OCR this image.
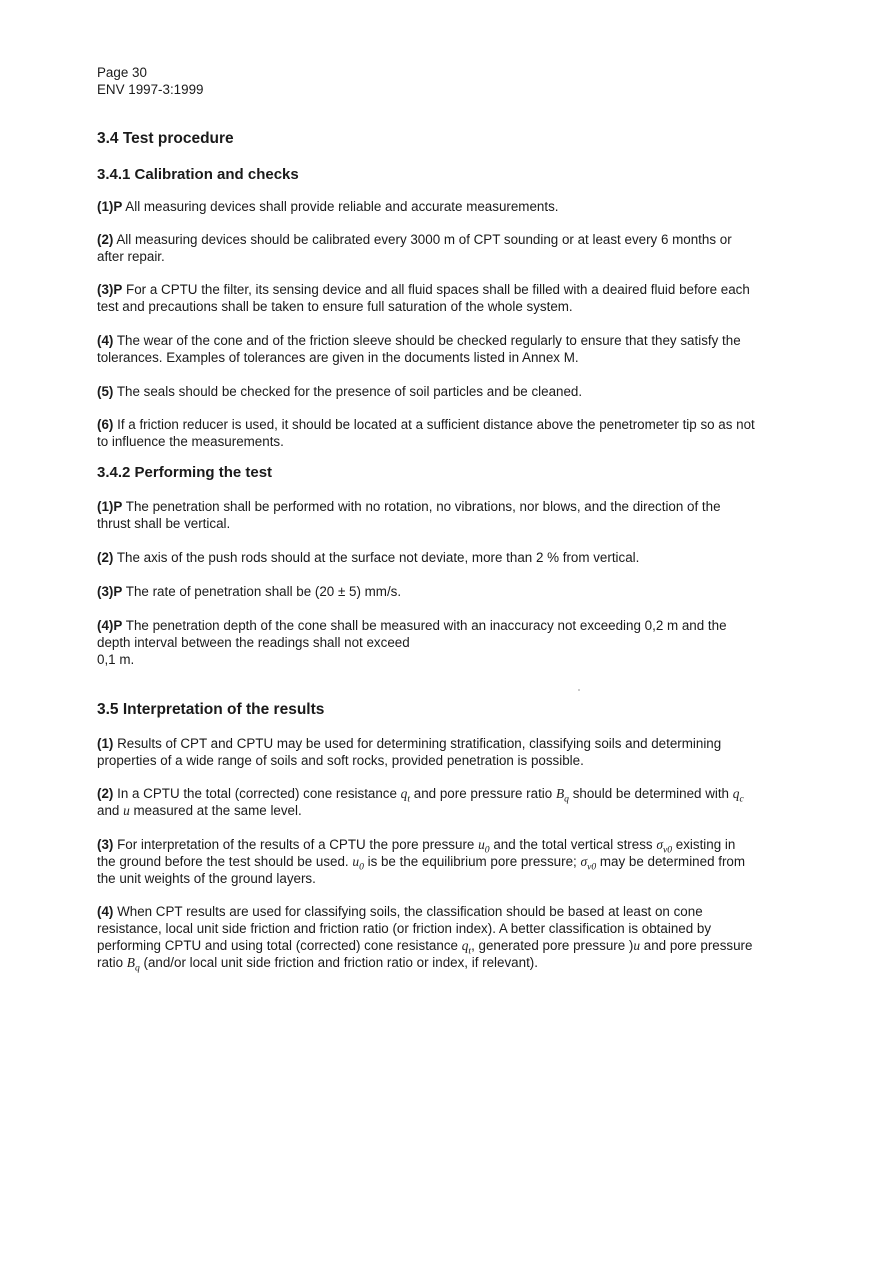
Page 30

ENV 1997-3:1999

3.4 Test procedure
3.4.1 Calibration and checks

(1)P All measuring devices shall provide reliable and accurate measurements.

(2) All measuring devices should be calibrated every 3000 m of CPT sounding or at least every 6 months or after repair.

(3)P For a CPTU the filter, its sensing device and all fluid spaces shall be filled with a deaired fluid before each test and precautions shall be taken to ensure full saturation of the whole system.

(4) The wear of the cone and of the friction sleeve should be checked regularly to ensure that they satisfy the tolerances. Examples of tolerances are given in the documents listed in Annex M.

(5) The seals should be checked for the presence of soil particles and be cleaned.

(6) If a friction reducer is used, it should be located at a sufficient distance above the penetrometer tip so as not to influence the measurements.

3.4.2 Performing the test

(1)P The penetration shall be performed with no rotation, no vibrations, nor blows, and the direction of the thrust shall be vertical.

(2) The axis of the push rods should at the surface not deviate, more than 2 % from vertical.

(3)P The rate of penetration shall be (20 ± 5) mm/s.

(4)P The penetration depth of the cone shall be measured with an inaccuracy not exceeding 0,2 m and the depth interval between the readings shall not exceed
0,1 m.

3.5 Interpretation of the results

(1) Results of CPT and CPTU may be used for determining stratification, classifying soils and determining properties of a wide range of soils and soft rocks, provided penetration is possible.

(2) In a CPTU the total (corrected) cone resistance $q_t$ and pore pressure ratio $B_q$ should be determined with $q_c$ and u measured at the same level.

(3) For interpretation of the results of a CPTU the pore pressure $u_0$ and the total vertical stress $\sigma_{v0}$ existing in the ground before the test should be used. $u_0$ is be the equilibrium pore pressure; $\sigma_{v0}$ may be determined from the unit weights of the ground layers.

(4) When CPT results are used for classifying soils, the classification should be based at least on cone resistance, local unit side friction and friction ratio (or friction index). A better classification is obtained by performing CPTU and using total (corrected) cone resistance $q_t$, generated pore pressure )u and pore pressure ratio $B_q$ (and/or local unit side friction and friction ratio or index, if relevant).
